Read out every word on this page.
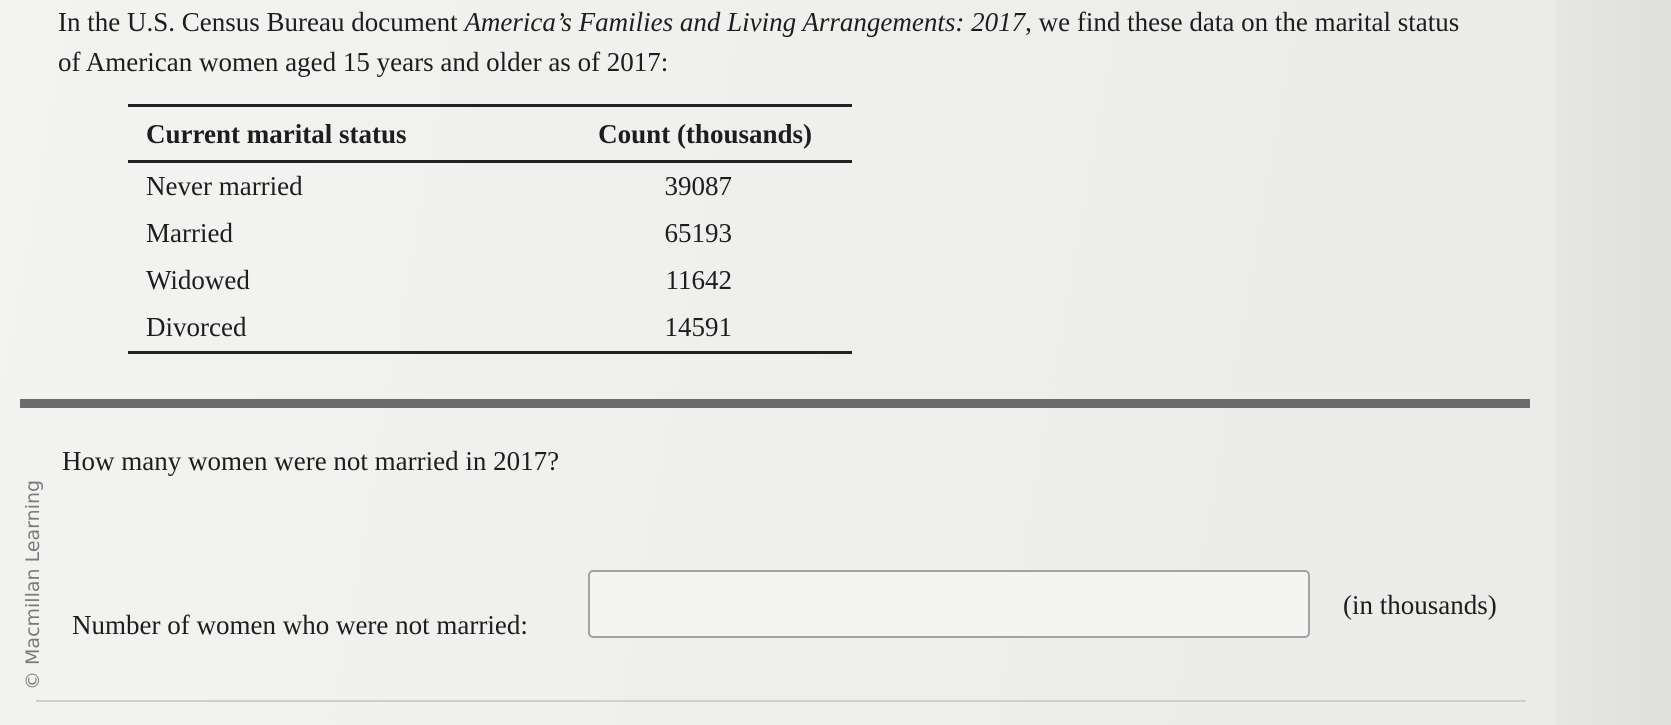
In the U.S. Census Bureau document America’s Families and Living Arrangements: 2017, we find these data on the marital status of American women aged 15 years and older as of 2017:

Current marital status	Count (thousands)
Never married	39087
Married	65193
Widowed	11642
Divorced	14591
© Macmillan Learning

How many women were not married in 2017?

Number of women who were not married:
(in thousands)
